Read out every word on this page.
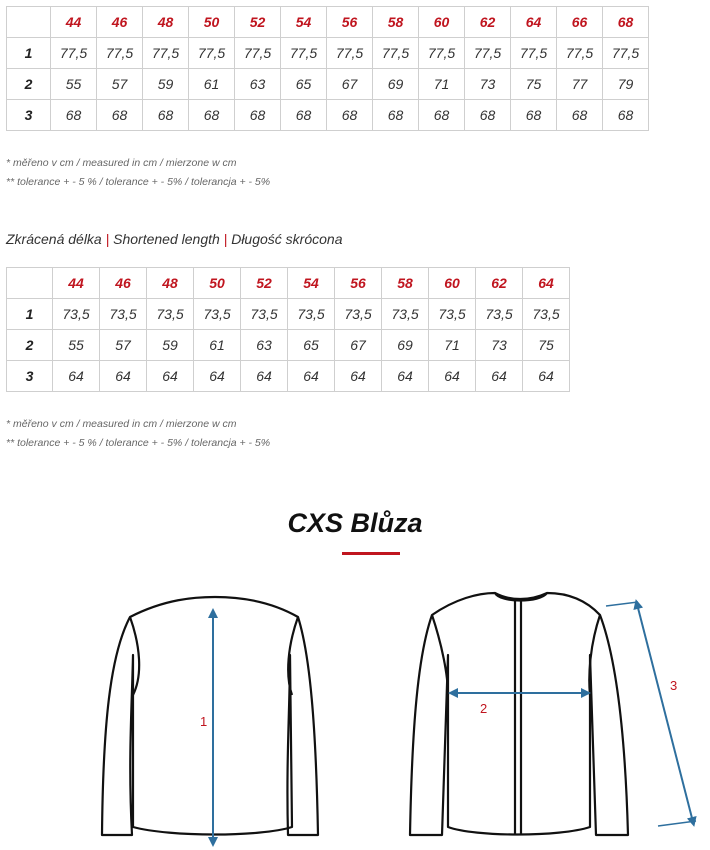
	44	46	48	50	52	54	56	58	60	62	64	66	68
1	77,5	77,5	77,5	77,5	77,5	77,5	77,5	77,5	77,5	77,5	77,5	77,5	77,5
2	55	57	59	61	63	65	67	69	71	73	75	77	79
3	68	68	68	68	68	68	68	68	68	68	68	68	68
* měřeno v cm / measured in cm / mierzone w cm
** tolerance + - 5 % / tolerance + - 5% / tolerancja + - 5%
Zkrácená délka | Shortened length | Długość skrócona
	44	46	48	50	52	54	56	58	60	62	64
1	73,5	73,5	73,5	73,5	73,5	73,5	73,5	73,5	73,5	73,5	73,5
2	55	57	59	61	63	65	67	69	71	73	75
3	64	64	64	64	64	64	64	64	64	64	64
* měřeno v cm / measured in cm / mierzone w cm
** tolerance + - 5 % / tolerance + - 5% / tolerancja + - 5%
CXS Blůza
1
2
3
